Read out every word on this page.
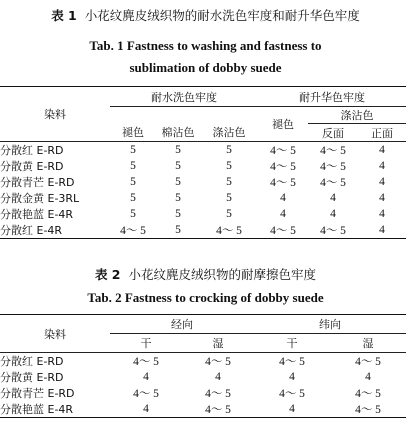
表 1 小花纹麂皮绒织物的耐水洗色牢度和耐升华色牢度
Tab. 1 Fastness to washing and fastness to
sublimation of dobby suede
染料	耐水洗色牢度			耐升华色牢度		
				褪色	涤沾色	
	褪色	棉沾色	涤沾色		反面	正面
分散红 E-RD	5	5	5	4～ 5	4～ 5	4
分散黄 E-RD	5	5	5	4～ 5	4～ 5	4
分散青芒 E-RD	5	5	5	4～ 5	4～ 5	4
分散金黄 E-3RL	5	5	5	4	4	4
分散艳蓝 E-4R	5	5	5	4	4	4
分散红 E-4R	4～ 5	5	4～ 5	4～ 5	4～ 5	4
表 2 小花纹麂皮绒织物的耐摩擦色牢度
Tab. 2 Fastness to crocking of dobby suede
染料	经向		纬向	
	干	湿	干	湿
分散红 E-RD	4～ 5	4～ 5	4～ 5	4～ 5
分散黄 E-RD	4	4	4	4
分散青芒 E-RD	4～ 5	4～ 5	4～ 5	4～ 5
分散艳蓝 E-4R	4	4～ 5	4	4～ 5
